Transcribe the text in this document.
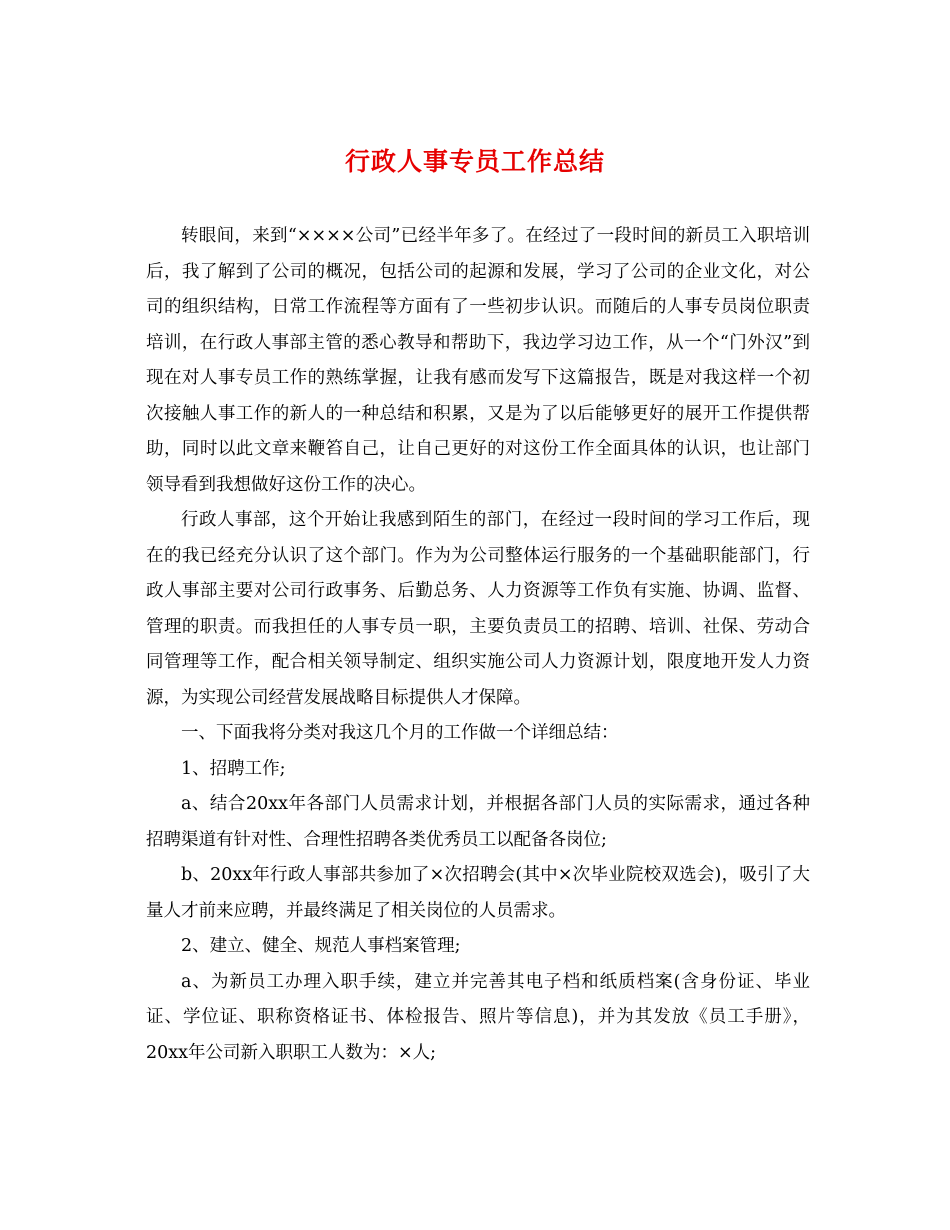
行政人事专员工作总结

转眼间，来到“××××公司”已经半年多了。在经过了一段时间的新员工入职培训后，我了解到了公司的概况，包括公司的起源和发展，学习了公司的企业文化，对公司的组织结构，日常工作流程等方面有了一些初步认识。而随后的人事专员岗位职责培训，在行政人事部主管的悉心教导和帮助下，我边学习边工作，从一个“门外汉”到现在对人事专员工作的熟练掌握，让我有感而发写下这篇报告，既是对我这样一个初次接触人事工作的新人的一种总结和积累，又是为了以后能够更好的展开工作提供帮助，同时以此文章来鞭笞自己，让自己更好的对这份工作全面具体的认识，也让部门领导看到我想做好这份工作的决心。

行政人事部，这个开始让我感到陌生的部门，在经过一段时间的学习工作后，现在的我已经充分认识了这个部门。作为为公司整体运行服务的一个基础职能部门，行政人事部主要对公司行政事务、后勤总务、人力资源等工作负有实施、协调、监督、管理的职责。而我担任的人事专员一职，主要负责员工的招聘、培训、社保、劳动合同管理等工作，配合相关领导制定、组织实施公司人力资源计划，限度地开发人力资源，为实现公司经营发展战略目标提供人才保障。

一、下面我将分类对我这几个月的工作做一个详细总结：

1、招聘工作;

a、结合20xx年各部门人员需求计划，并根据各部门人员的实际需求，通过各种招聘渠道有针对性、合理性招聘各类优秀员工以配备各岗位;

b、20xx年行政人事部共参加了×次招聘会(其中×次毕业院校双选会)，吸引了大量人才前来应聘，并最终满足了相关岗位的人员需求。

2、建立、健全、规范人事档案管理;

a、为新员工办理入职手续，建立并完善其电子档和纸质档案(含身份证、毕业证、学位证、职称资格证书、体检报告、照片等信息)，并为其发放《员工手册》，20xx年公司新入职职工人数为：×人;
